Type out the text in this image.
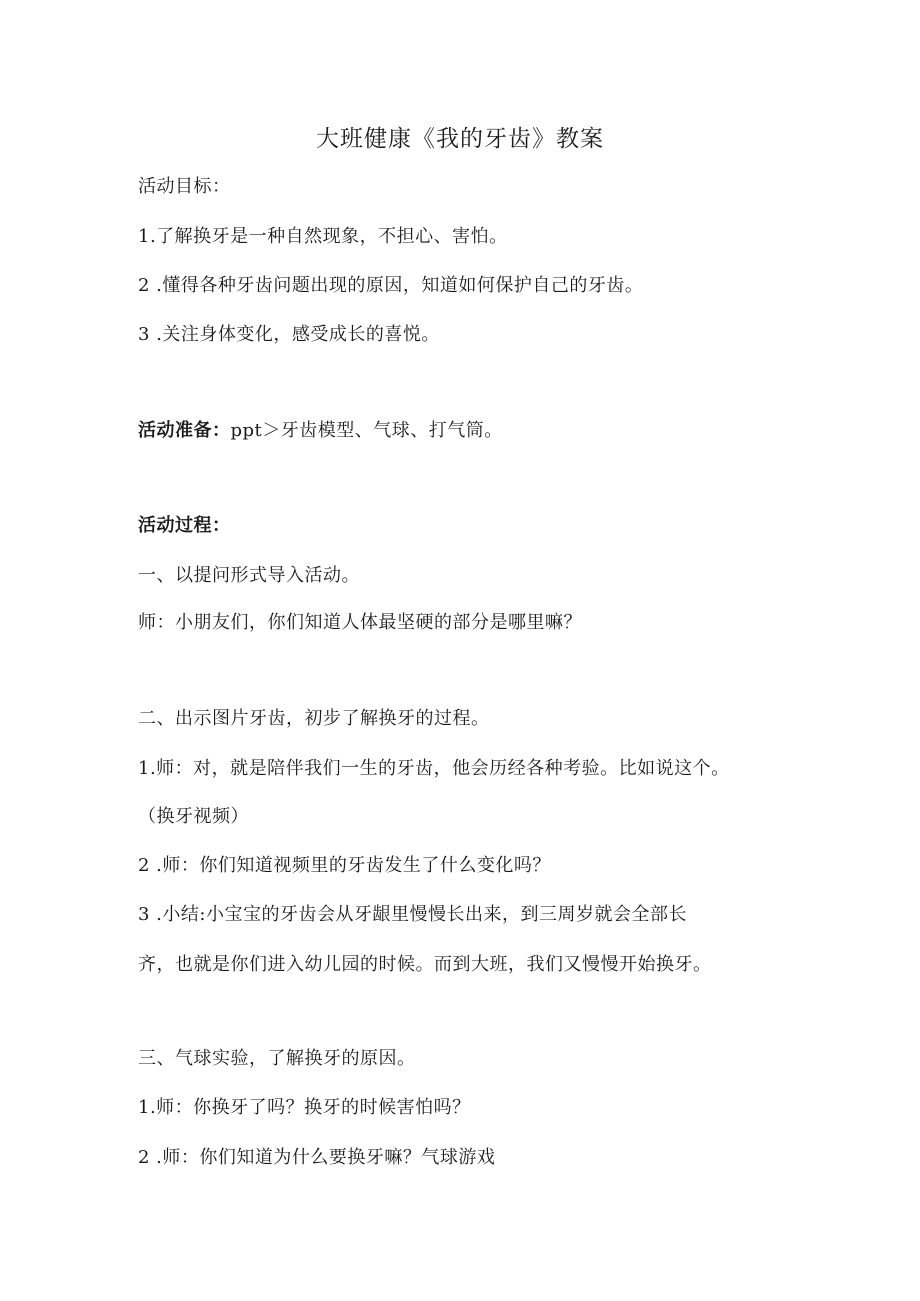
大班健康《我的牙齿》教案
活动目标：
1.了解换牙是一种自然现象，不担心、害怕。
2 .懂得各种牙齿问题出现的原因，知道如何保护自己的牙齿。
3 .关注身体变化，感受成长的喜悦。
活动准备：ppt＞牙齿模型、气球、打气筒。
活动过程：
一、以提问形式导入活动。
师：小朋友们，你们知道人体最坚硬的部分是哪里嘛？
二、出示图片牙齿，初步了解换牙的过程。
1.师：对，就是陪伴我们一生的牙齿，他会历经各种考验。比如说这个。
（换牙视频）
2 .师：你们知道视频里的牙齿发生了什么变化吗？
3 .小结:小宝宝的牙齿会从牙龈里慢慢长出来，到三周岁就会全部长
齐，也就是你们进入幼儿园的时候。而到大班，我们又慢慢开始换牙。
三、气球实验，了解换牙的原因。
1.师：你换牙了吗？换牙的时候害怕吗？
2 .师：你们知道为什么要换牙嘛？气球游戏
